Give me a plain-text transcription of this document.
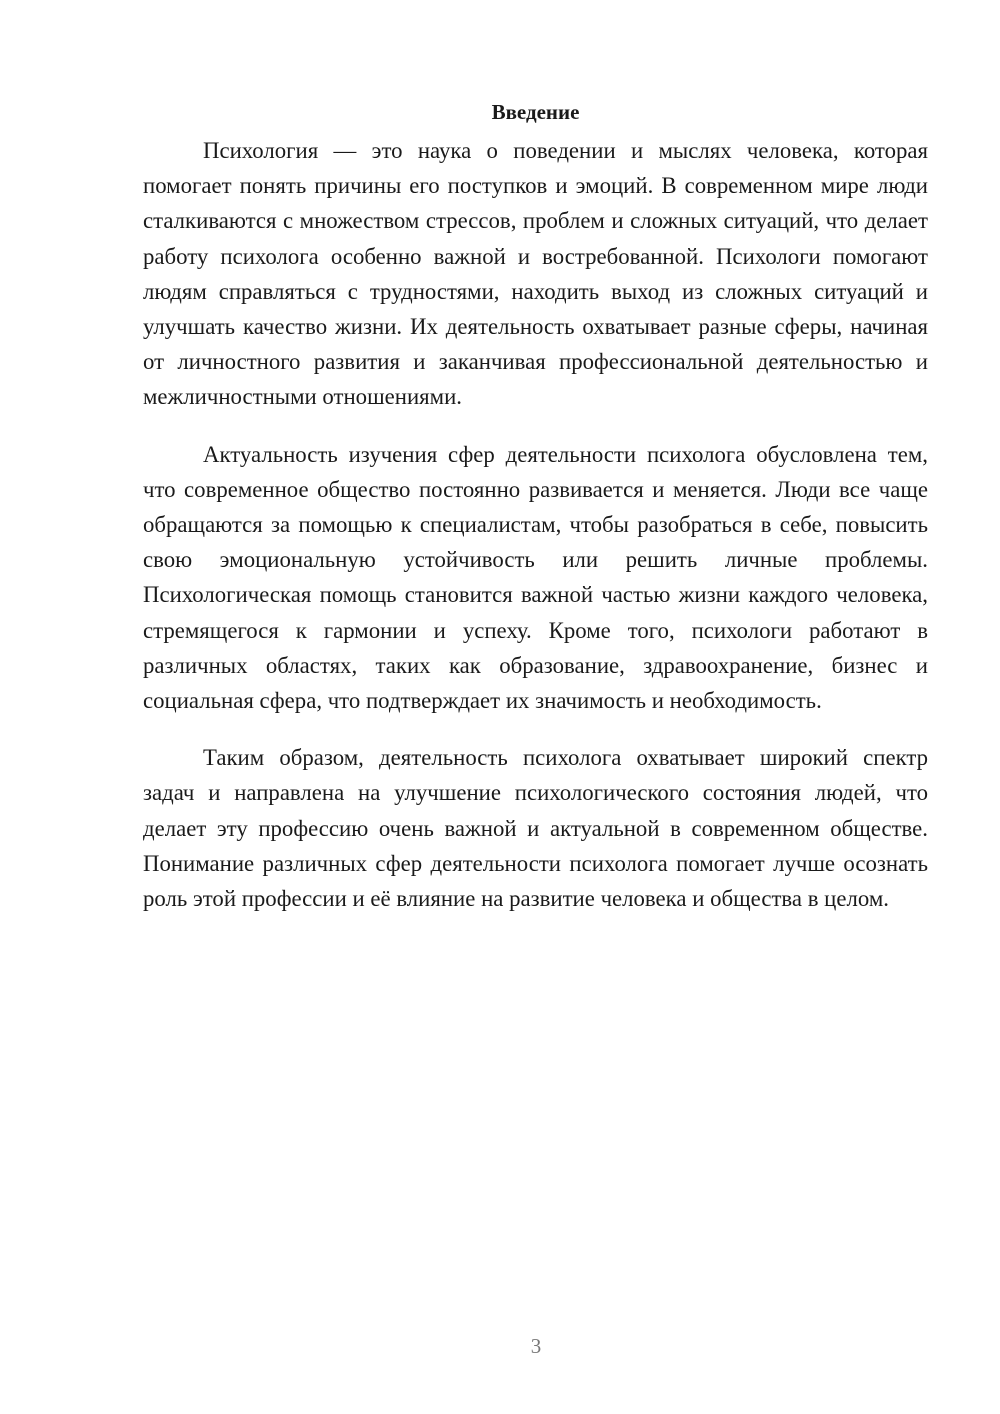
Введение

Психология — это наука о поведении и мыслях человека, которая помогает понять причины его поступков и эмоций. В современном мире люди сталкиваются с множеством стрессов, проблем и сложных ситуаций, что делает работу психолога особенно важной и востребованной. Психологи помогают людям справляться с трудностями, находить выход из сложных ситуаций и улучшать качество жизни. Их деятельность охватывает разные сферы, начиная от личностного развития и заканчивая профессиональной деятельностью и межличностными отношениями.

Актуальность изучения сфер деятельности психолога обусловлена тем, что современное общество постоянно развивается и меняется. Люди все чаще обращаются за помощью к специалистам, чтобы разобраться в себе, повысить свою эмоциональную устойчивость или решить личные проблемы. Психологическая помощь становится важной частью жизни каждого человека, стремящегося к гармонии и успеху. Кроме того, психологи работают в различных областях, таких как образование, здравоохранение, бизнес и социальная сфера, что подтверждает их значимость и необходимость.

Таким образом, деятельность психолога охватывает широкий спектр задач и направлена на улучшение психологического состояния людей, что делает эту профессию очень важной и актуальной в современном обществе. Понимание различных сфер деятельности психолога помогает лучше осознать роль этой профессии и её влияние на развитие человека и общества в целом.

3
